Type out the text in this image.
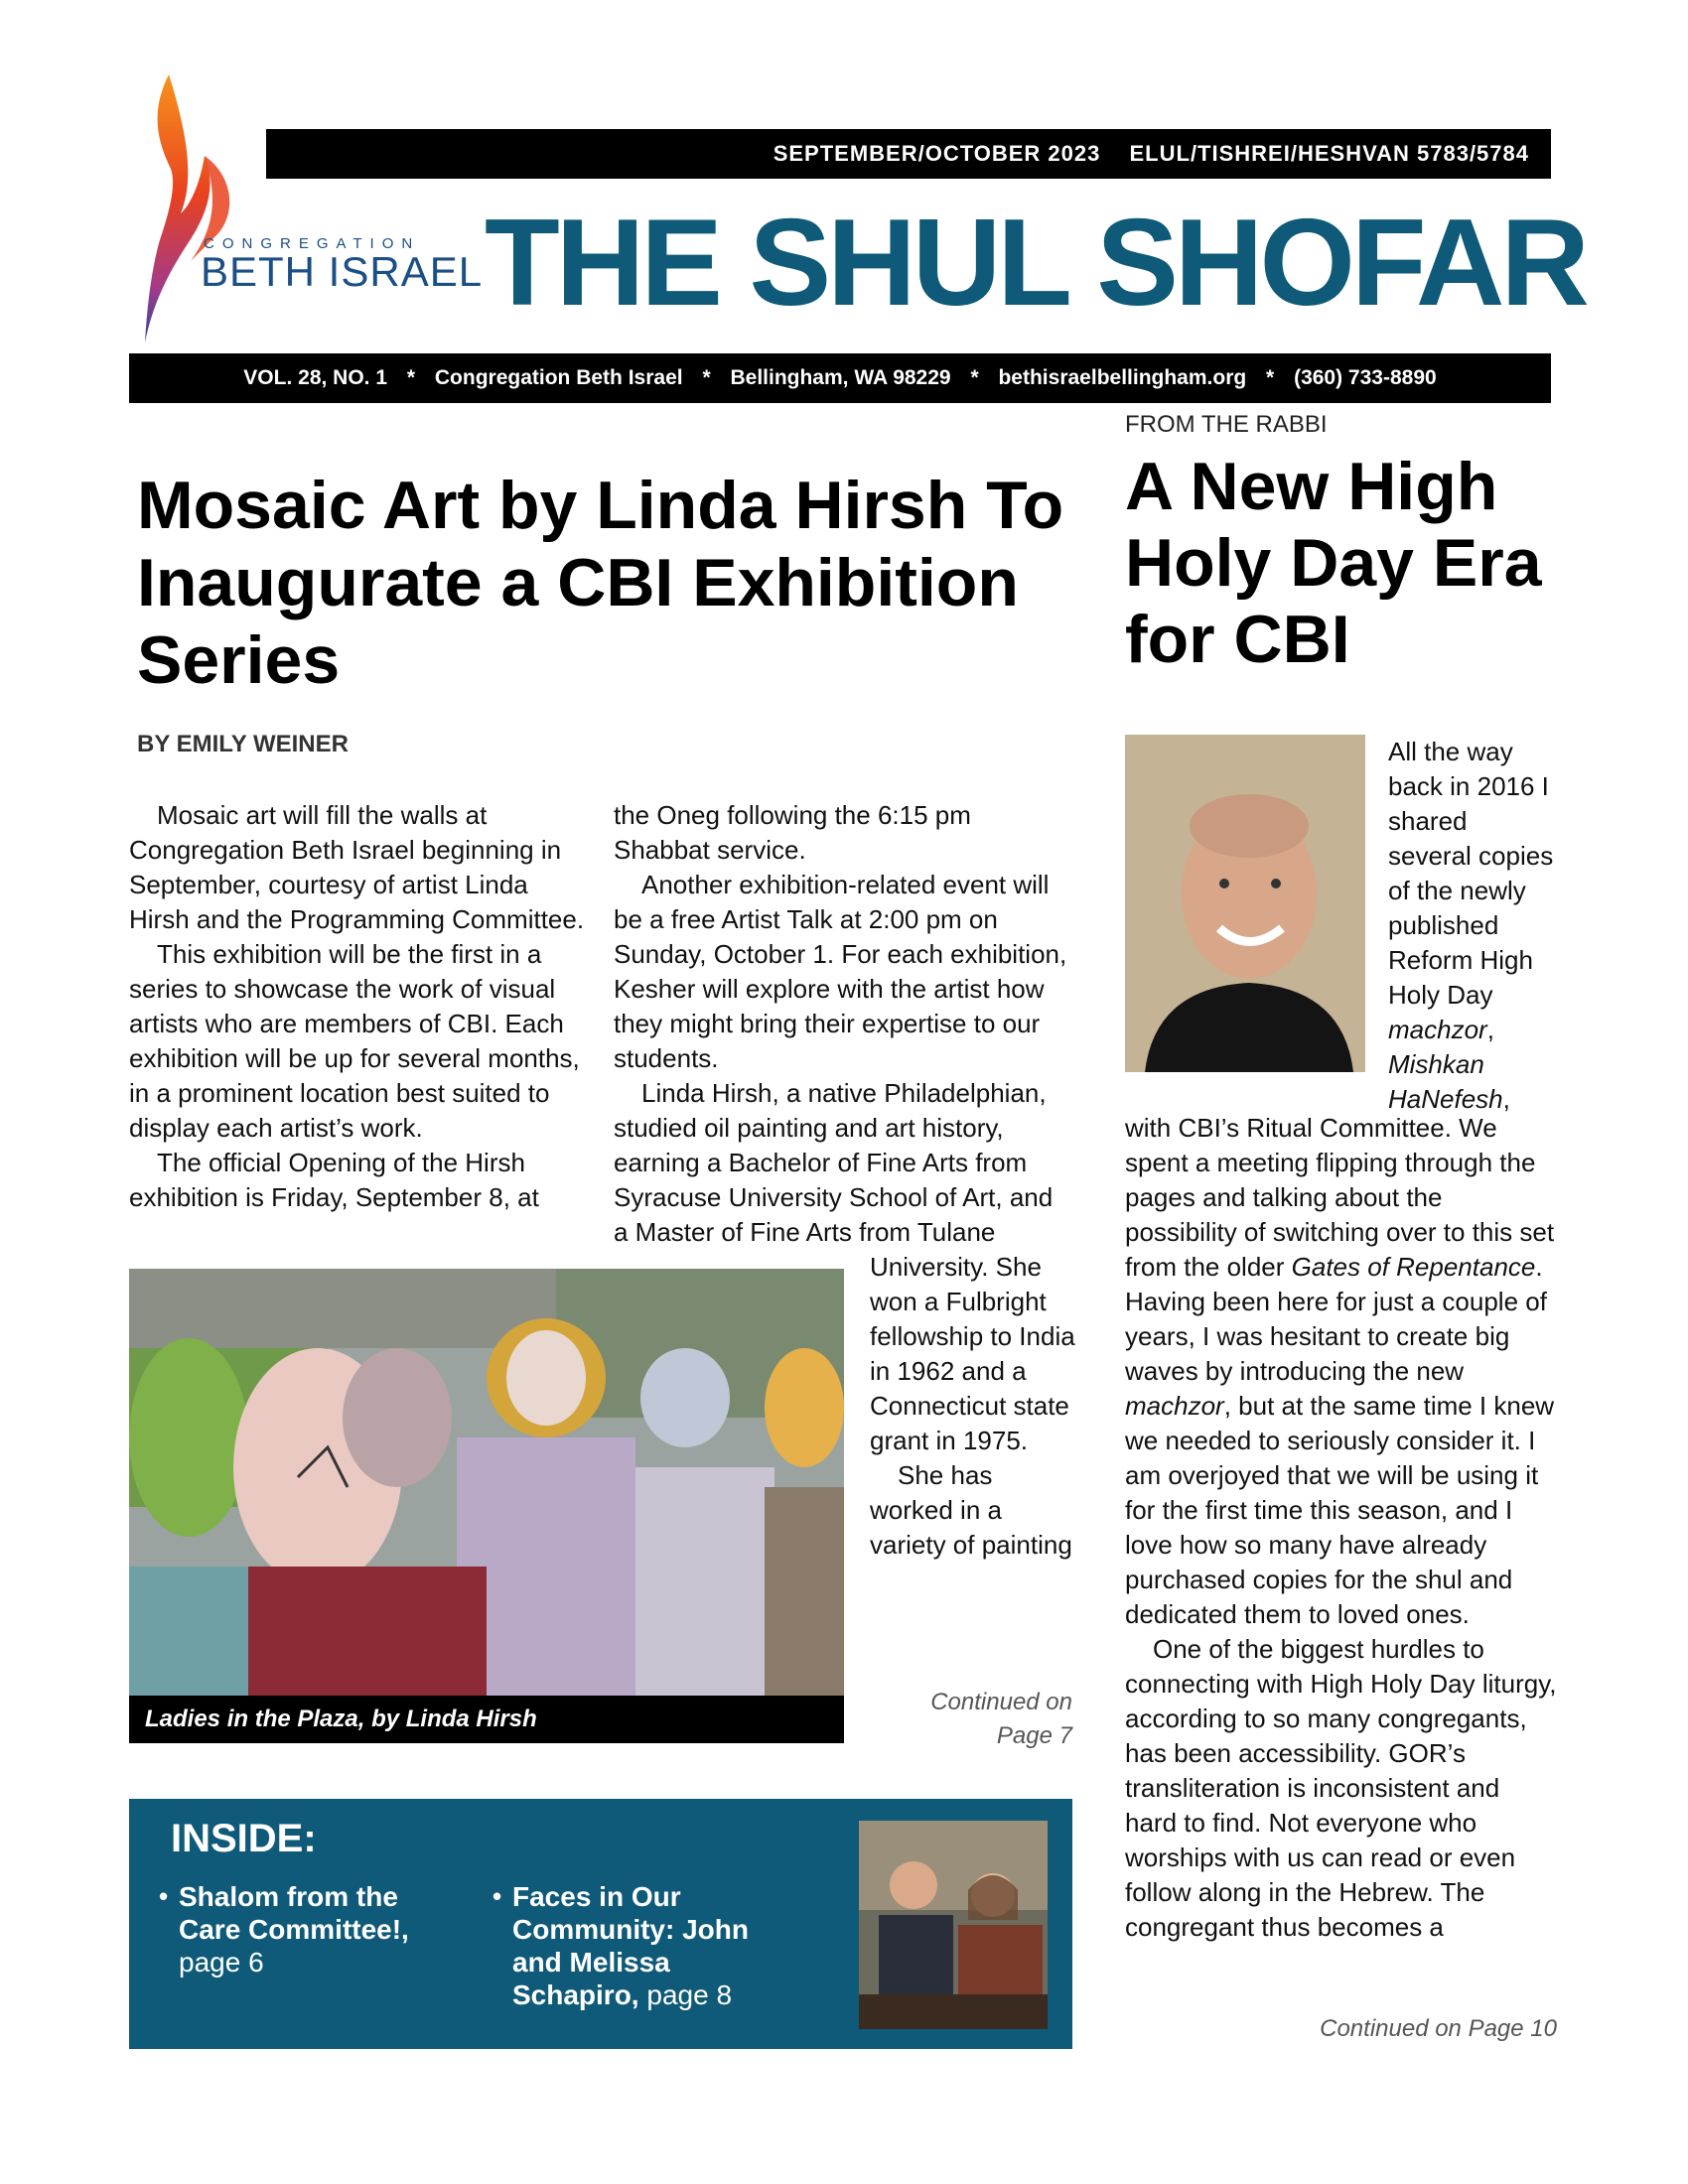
SEPTEMBER/OCTOBER 2023 ELUL/TISHREI/HESHVAN 5783/5784
CONGREGATION
BETH ISRAEL THE SHUL SHOFAR
VOL. 28, NO. 1 * Congregation Beth Israel * Bellingham, WA 98229 * bethisraelbellingham.org * (360) 733-8890
Mosaic Art by Linda Hirsh To Inaugurate a CBI Exhibition Series
BY EMILY WEINER

Mosaic art will fill the walls at Congregation Beth Israel beginning in September, courtesy of artist Linda Hirsh and the Programming Committee.

This exhibition will be the first in a series to showcase the work of visual artists who are members of CBI. Each exhibition will be up for several months, in a prominent location best suited to display each artist’s work.

The official Opening of the Hirsh exhibition is Friday, September 8, at

the Oneg following the 6:15 pm Shabbat service.

Another exhibition-related event will be a free Artist Talk at 2:00 pm on Sunday, October 1. For each exhibition, Kesher will explore with the artist how they might bring their expertise to our students.

Linda Hirsh, a native Philadelphian, studied oil painting and art history, earning a Bachelor of Fine Arts from Syracuse University School of Art, and a Master of Fine Arts from Tulane

University. She won a Fulbright fellowship to India in 1962 and a Connecticut state grant in 1975.

She has worked in a variety of painting

Continued on
Page 7
Ladies in the Plaza, by Linda Hirsh
INSIDE:
• Shalom from the Care Committee!, page 6
• Faces in Our Community: John and Melissa Schapiro, page 8
FROM THE RABBI
A New High Holy Day Era for CBI
All the way back in 2016 I shared several copies of the newly published Reform High Holy Day machzor, Mishkan HaNefesh,

with CBI’s Ritual Committee. We spent a meeting flipping through the pages and talking about the possibility of switching over to this set from the older Gates of Repentance. Having been here for just a couple of years, I was hesitant to create big waves by introducing the new machzor, but at the same time I knew we needed to seriously consider it. I am overjoyed that we will be using it for the first time this season, and I love how so many have already purchased copies for the shul and dedicated them to loved ones.

One of the biggest hurdles to connecting with High Holy Day liturgy, according to so many congregants, has been accessibility. GOR’s transliteration is inconsistent and hard to find. Not everyone who worships with us can read or even follow along in the Hebrew. The congregant thus becomes a

Continued on Page 10
